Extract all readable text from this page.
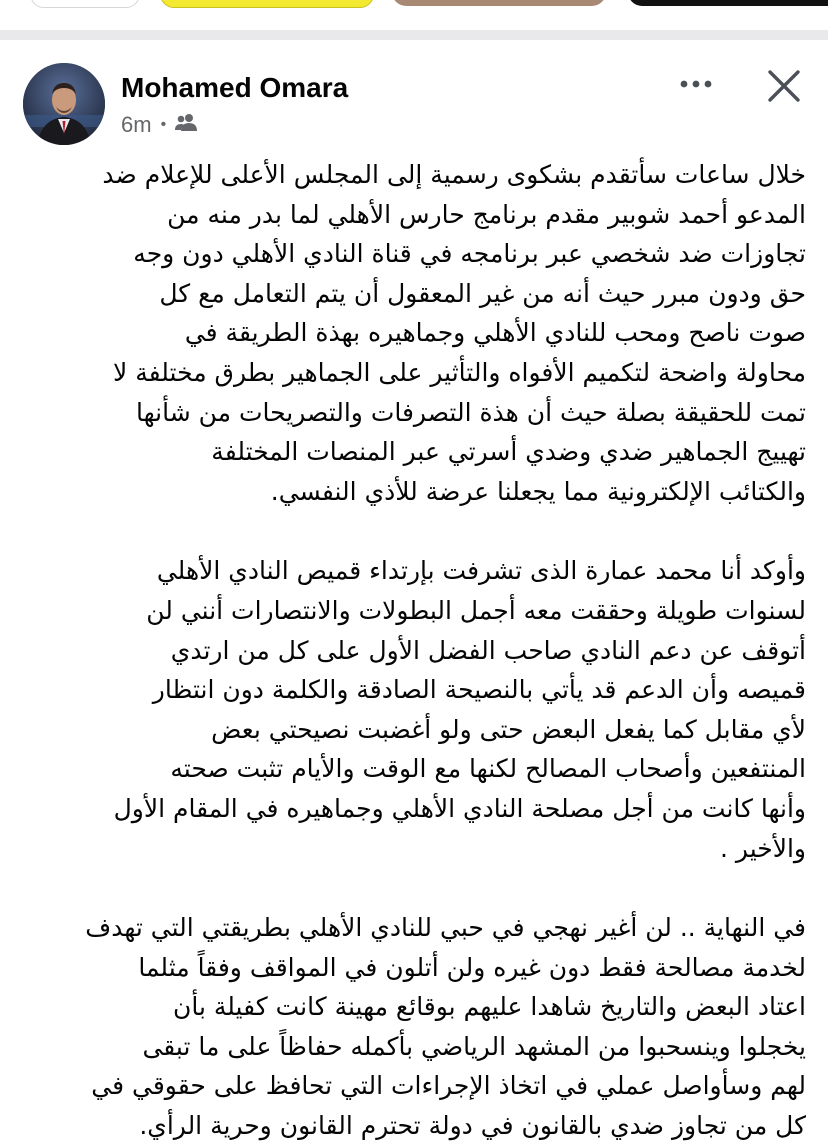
Mohamed Omara
6m •
خلال ساعات سأتقدم بشكوى رسمية إلى المجلس الأعلى للإعلام ضد
المدعو أحمد شوبير مقدم برنامج حارس الأهلي لما بدر منه من
تجاوزات ضد شخصي عبر برنامجه في قناة النادي الأهلي دون وجه
حق ودون مبرر حيث أنه من غير المعقول أن يتم التعامل مع كل
صوت ناصح ومحب للنادي الأهلي وجماهيره بهذة الطريقة في
محاولة واضحة لتكميم الأفواه والتأثير على الجماهير بطرق مختلفة لا
تمت للحقيقة بصلة حيث أن هذة التصرفات والتصريحات من شأنها
تهييج الجماهير ضدي وضدي أسرتي عبر المنصات المختلفة
والكتائب الإلكترونية مما يجعلنا عرضة للأذي النفسي.
وأوكد أنا محمد عمارة الذى تشرفت بإرتداء قميص النادي الأهلي
لسنوات طويلة وحققت معه أجمل البطولات والانتصارات أنني لن
أتوقف عن دعم النادي صاحب الفضل الأول على كل من ارتدي
قميصه وأن الدعم قد يأتي بالنصيحة الصادقة والكلمة دون انتظار
لأي مقابل كما يفعل البعض حتى ولو أغضبت نصيحتي بعض
المنتفعين وأصحاب المصالح لكنها مع الوقت والأيام تثبت صحته
وأنها كانت من أجل مصلحة النادي الأهلي وجماهيره في المقام الأول
والأخير .
في النهاية .. لن أغير نهجي في حبي للنادي الأهلي بطريقتي التي تهدف
لخدمة مصالحة فقط دون غيره ولن أتلون في المواقف وفقاً مثلما
اعتاد البعض والتاريخ شاهدا عليهم بوقائع مهينة كانت كفيلة بأن
يخجلوا وينسحبوا من المشهد الرياضي بأكمله حفاظاً على ما تبقى
لهم وسأواصل عملي في اتخاذ الإجراءات التي تحافظ على حقوقي في
كل من تجاوز ضدي بالقانون في دولة تحترم القانون وحرية الرأي.
